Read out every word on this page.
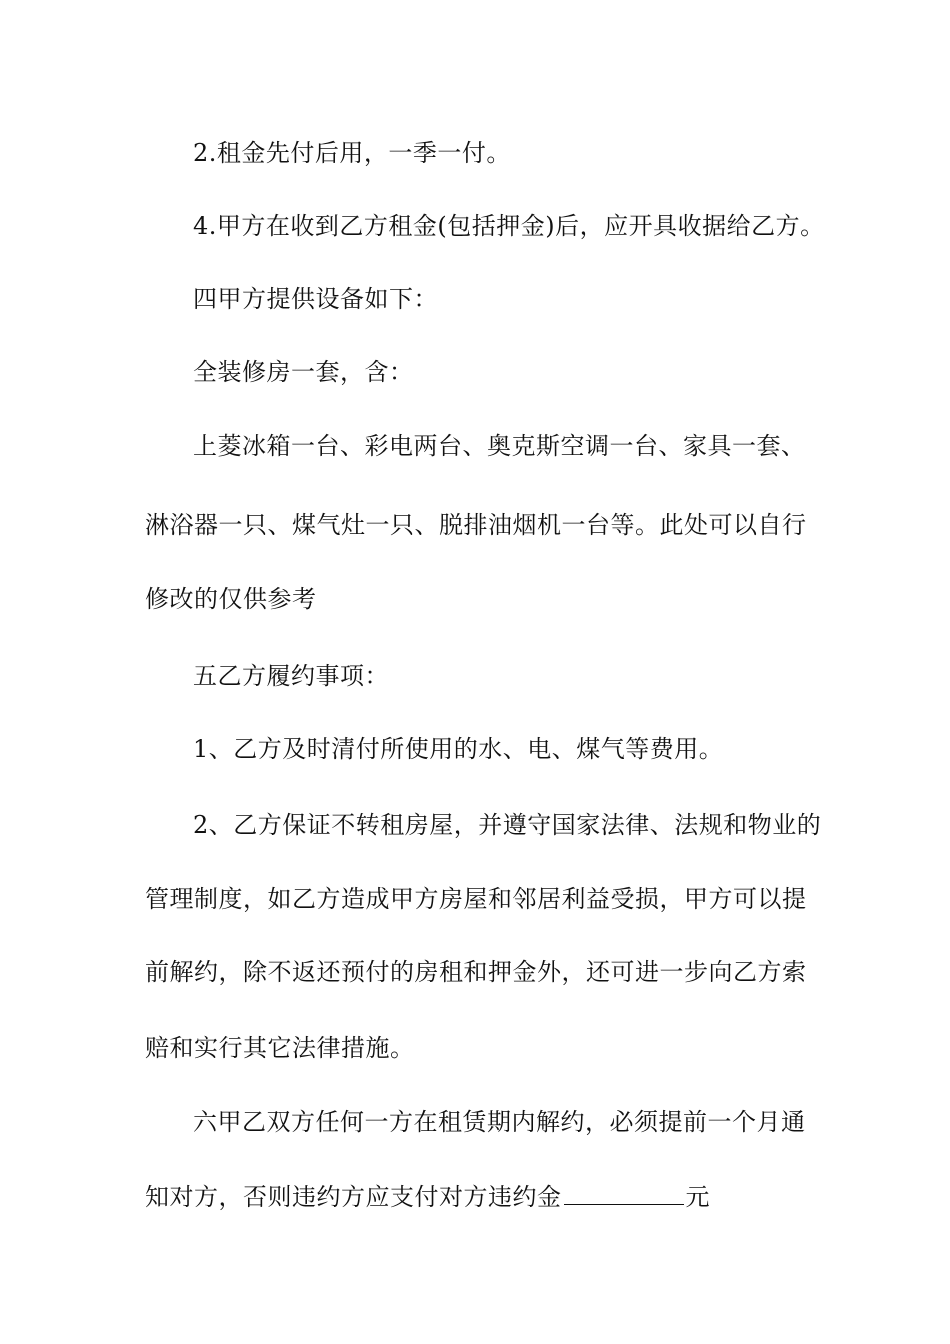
2.租金先付后用，一季一付。

4.甲方在收到乙方租金(包括押金)后，应开具收据给乙方。

四甲方提供设备如下：

全装修房一套，含：

上菱冰箱一台、彩电两台、奥克斯空调一台、家具一套、

淋浴器一只、煤气灶一只、脱排油烟机一台等。此处可以自行

修改的仅供参考

五乙方履约事项：

1、乙方及时清付所使用的水、电、煤气等费用。

2、乙方保证不转租房屋，并遵守国家法律、法规和物业的

管理制度，如乙方造成甲方房屋和邻居利益受损，甲方可以提

前解约，除不返还预付的房租和押金外，还可进一步向乙方索

赔和实行其它法律措施。

六甲乙双方任何一方在租赁期内解约，必须提前一个月通

知对方，否则违约方应支付对方违约金	元
